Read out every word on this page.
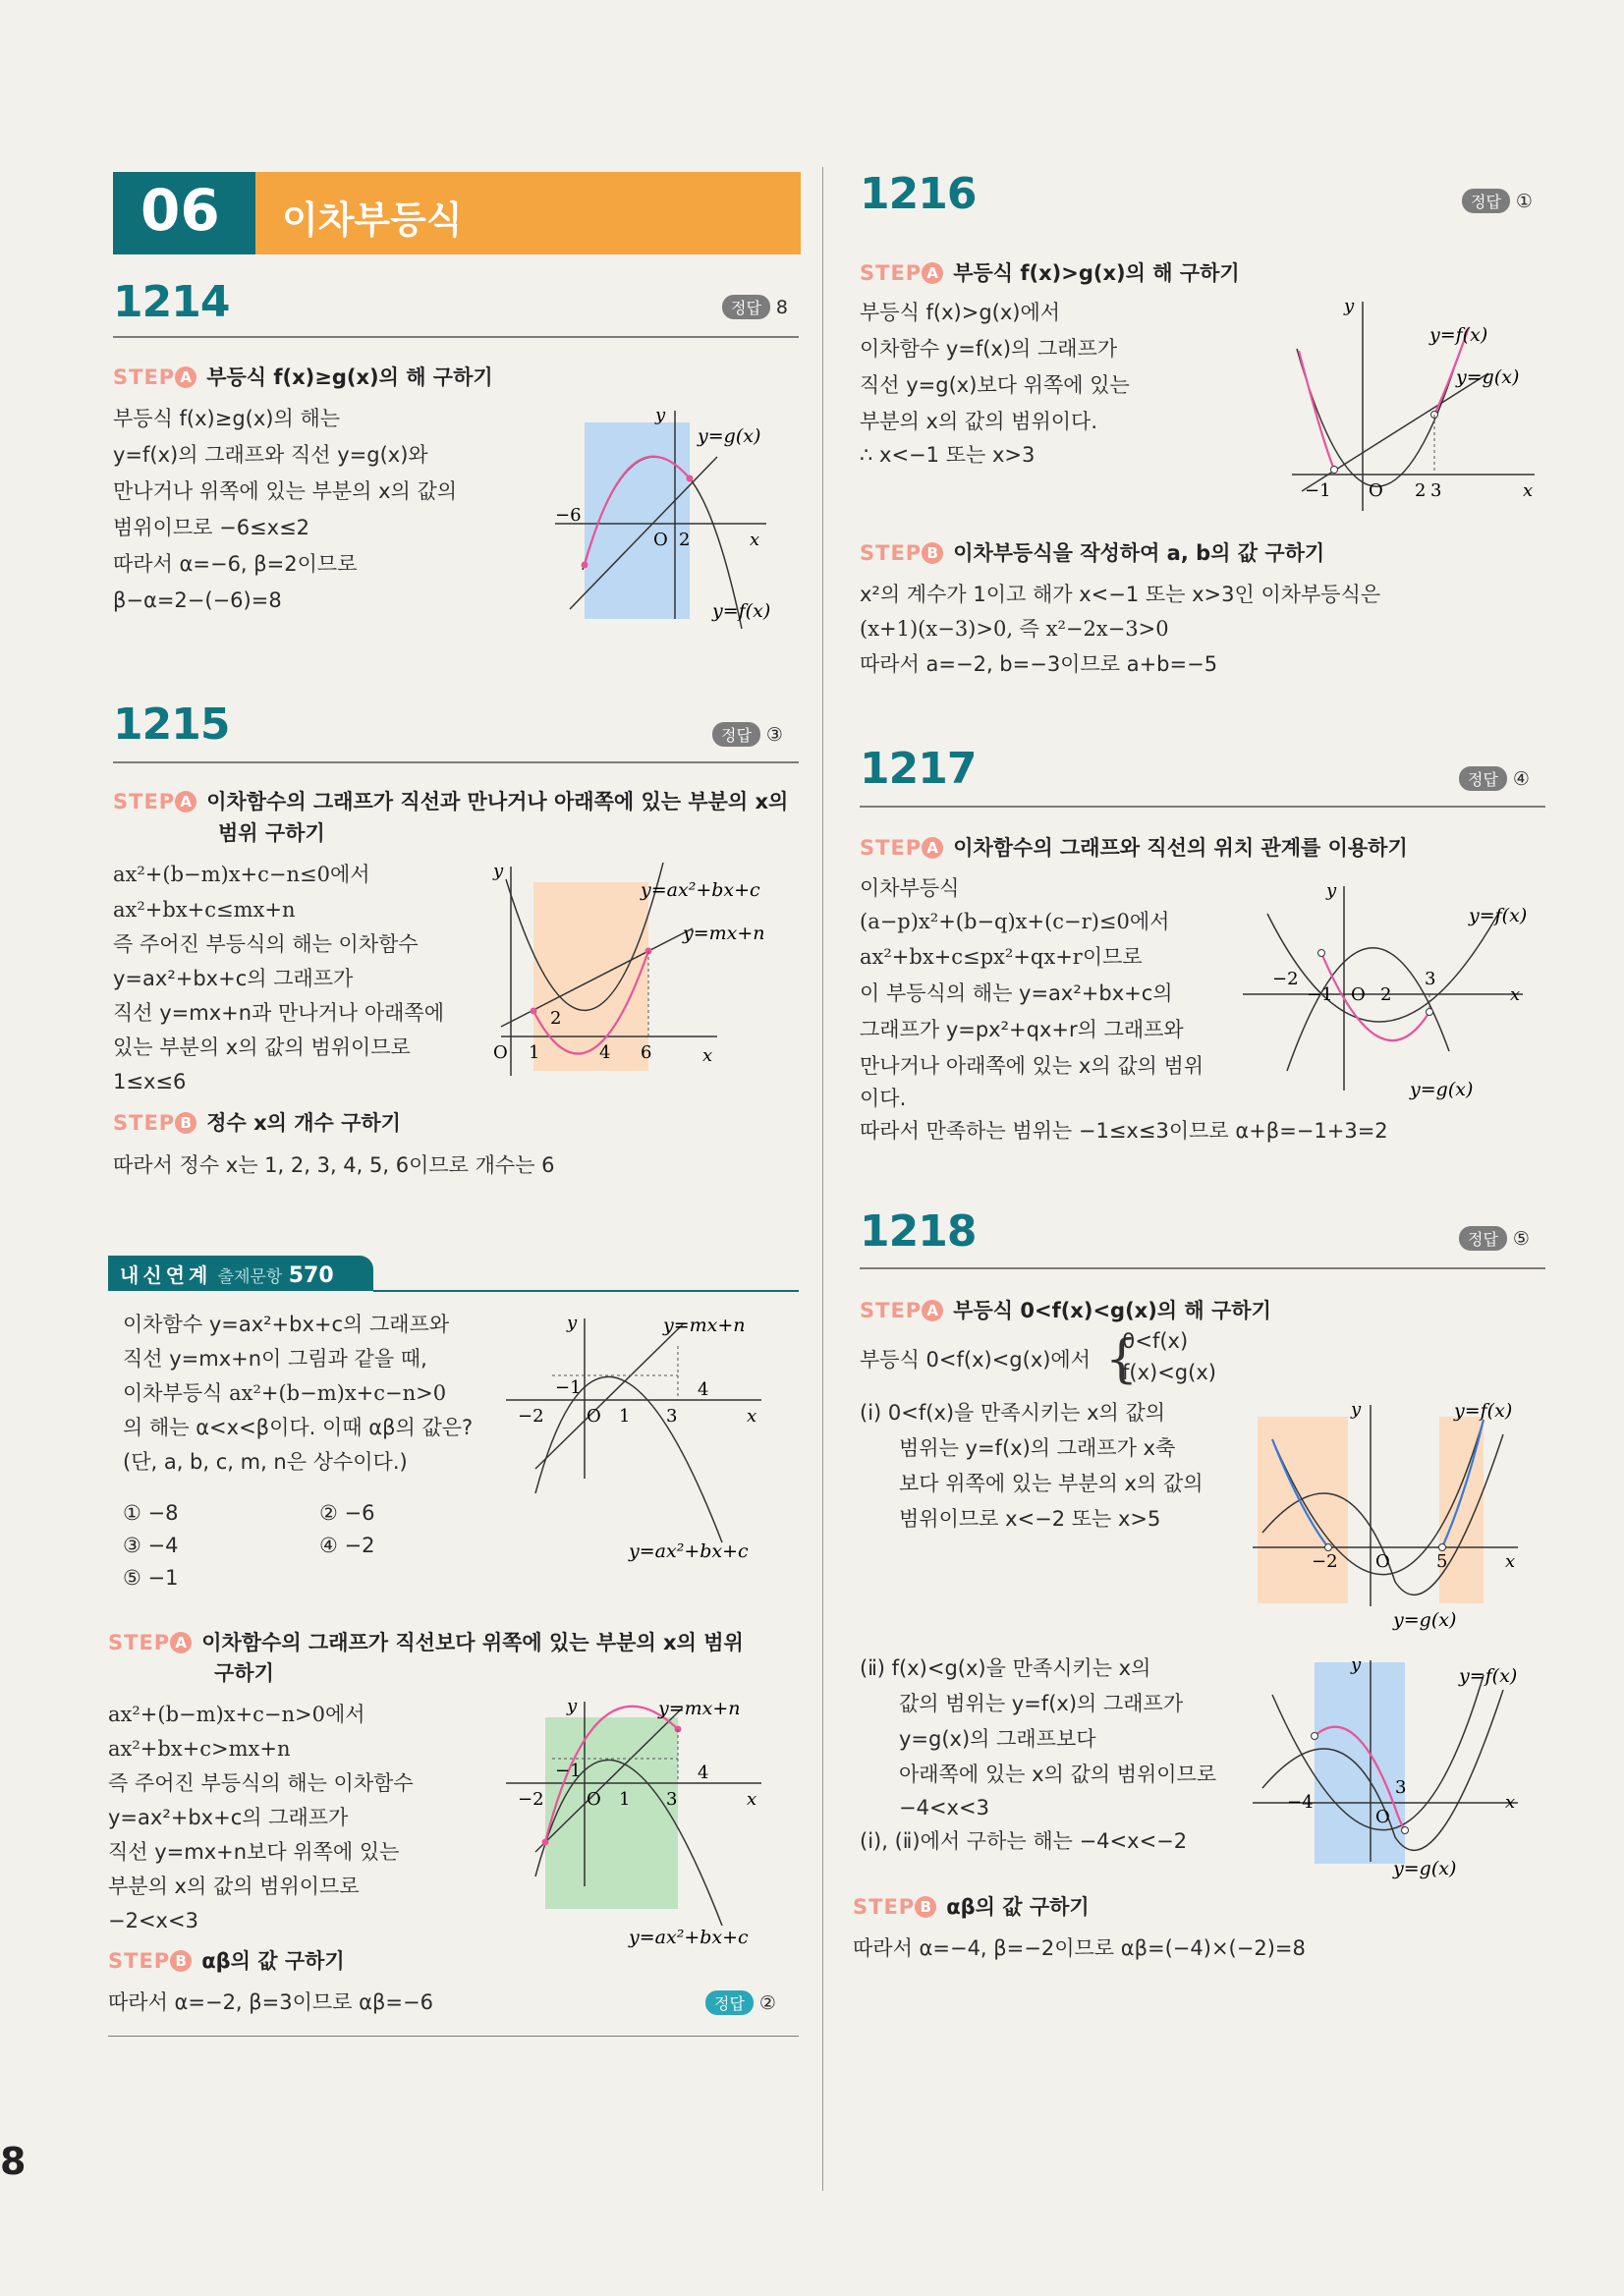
06 이차부등식
1214	정답 8
STEP A 부등식 f(x)≥g(x)의 해 구하기
부등식 f(x)≥g(x)의 해는
y=f(x)의 그래프와 직선 y=g(x)와
만나거나 위쪽에 있는 부분의 x의 값의
범위이므로 −6≤x≤2
따라서 α=−6, β=2이므로
β−α=2−(−6)=8
y
x
O
−6
2
y=g(x)
y=f(x)
1215	정답 ③
STEP A 이차함수의 그래프가 직선과 만나거나 아래쪽에 있는 부분의 x의
범위 구하기
ax²+(b−m)x+c−n≤0에서
ax²+bx+c≤mx+n
즉 주어진 부등식의 해는 이차함수
y=ax²+bx+c의 그래프가
직선 y=mx+n과 만나거나 아래쪽에
있는 부분의 x의 값의 범위이므로
1≤x≤6
STEP B 정수 x의 개수 구하기
따라서 정수 x는 1, 2, 3, 4, 5, 6이므로 개수는 6
y
x
O 1
2
4 6
y=ax²+bx+c
y=mx+n
내신연계 출제문항 570
이차함수 y=ax²+bx+c의 그래프와
직선 y=mx+n이 그림과 같을 때,
이차부등식 ax²+(b−m)x+c−n>0
의 해는 α<x<β이다. 이때 αβ의 값은?
(단, a, b, c, m, n은 상수이다.)
① −8	② −6
③ −4	④ −2
⑤ −1
y
x
O
−2
−1
1 3
4
y=mx+n
y=ax²+bx+c
STEP A 이차함수의 그래프가 직선보다 위쪽에 있는 부분의 x의 범위
구하기
ax²+(b−m)x+c−n>0에서
ax²+bx+c>mx+n
즉 주어진 부등식의 해는 이차함수
y=ax²+bx+c의 그래프가
직선 y=mx+n보다 위쪽에 있는
부분의 x의 값의 범위이므로
−2<x<3
STEP B αβ의 값 구하기
따라서 α=−2, β=3이므로 αβ=−6	정답 ②
y
x
O
−2
−1
1 3
4
y=mx+n
y=ax²+bx+c
8
1216	정답 ①
STEP A 부등식 f(x)>g(x)의 해 구하기
부등식 f(x)>g(x)에서
이차함수 y=f(x)의 그래프가
직선 y=g(x)보다 위쪽에 있는
부분의 x의 값의 범위이다.
∴ x<−1 또는 x>3
y
x
O
−1	2 3
y=f(x)
y=g(x)
STEP B 이차부등식을 작성하여 a, b의 값 구하기
x²의 계수가 1이고 해가 x<−1 또는 x>3인 이차부등식은
(x+1)(x−3)>0, 즉 x²−2x−3>0
따라서 a=−2, b=−3이므로 a+b=−5
1217	정답 ④
STEP A 이차함수의 그래프와 직선의 위치 관계를 이용하기
이차부등식
(a−p)x²+(b−q)x+(c−r)≤0에서
ax²+bx+c≤px²+qx+r이므로
이 부등식의 해는 y=ax²+bx+c의
그래프가 y=px²+qx+r의 그래프와
만나거나 아래쪽에 있는 x의 값의 범위
이다.
따라서 만족하는 범위는 −1≤x≤3이므로 α+β=−1+3=2
y
x
O
−2
−1	2
3
y=f(x)
y=g(x)
1218	정답 ⑤
STEP A 부등식 0<f(x)<g(x)의 해 구하기
부등식 0<f(x)<g(x)에서 {
0<f(x)
f(x)<g(x)
(ⅰ) 0<f(x)을 만족시키는 x의 값의
범위는 y=f(x)의 그래프가 x축
보다 위쪽에 있는 부분의 x의 값의
범위이므로 x<−2 또는 x>5
y
x
O
−2	5
y=f(x)
y=g(x)
(ⅱ) f(x)<g(x)을 만족시키는 x의
값의 범위는 y=f(x)의 그래프가
y=g(x)의 그래프보다
아래쪽에 있는 x의 값의 범위이므로
−4<x<3
(ⅰ), (ⅱ)에서 구하는 해는 −4<x<−2
y
x
O
−4
3
y=f(x)
y=g(x)
STEP B αβ의 값 구하기
따라서 α=−4, β=−2이므로 αβ=(−4)×(−2)=8
